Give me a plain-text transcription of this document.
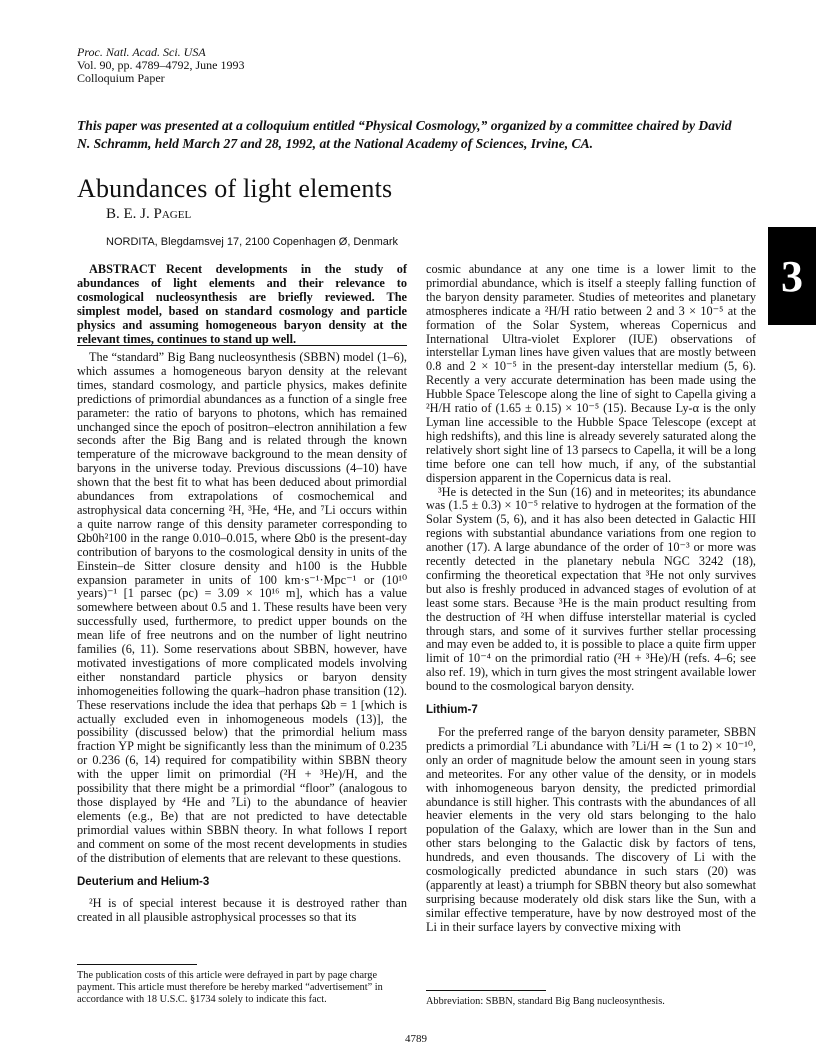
Proc. Natl. Acad. Sci. USA
Vol. 90, pp. 4789–4792, June 1993
Colloquium Paper
This paper was presented at a colloquium entitled “Physical Cosmology,” organized by a committee chaired by David N. Schramm, held March 27 and 28, 1992, at the National Academy of Sciences, Irvine, CA.
Abundances of light elements
B. E. J. Pagel
NORDITA, Blegdamsvej 17, 2100 Copenhagen Ø, Denmark
3

ABSTRACT Recent developments in the study of abundances of light elements and their relevance to cosmological nucleosynthesis are briefly reviewed. The simplest model, based on standard cosmology and particle physics and assuming homogeneous baryon density at the relevant times, continues to stand up well.

The “standard” Big Bang nucleosynthesis (SBBN) model (1–6), which assumes a homogeneous baryon density at the relevant times, standard cosmology, and particle physics, makes definite predictions of primordial abundances as a function of a single free parameter: the ratio of baryons to photons, which has remained unchanged since the epoch of positron–electron annihilation a few seconds after the Big Bang and is related through the known temperature of the microwave background to the mean density of baryons in the universe today. Previous discussions (4–10) have shown that the best fit to what has been deduced about primordial abundances from extrapolations of cosmochemical and astrophysical data concerning ²H, ³He, ⁴He, and ⁷Li occurs within a quite narrow range of this density parameter corresponding to Ωb0h²100 in the range 0.010–0.015, where Ωb0 is the present-day contribution of baryons to the cosmological density in units of the Einstein–de Sitter closure density and h100 is the Hubble expansion parameter in units of 100 km·s⁻¹·Mpc⁻¹ or (10¹⁰ years)⁻¹ [1 parsec (pc) = 3.09 × 10¹⁶ m], which has a value somewhere between about 0.5 and 1. These results have been very successfully used, furthermore, to predict upper bounds on the mean life of free neutrons and on the number of light neutrino families (6, 11). Some reservations about SBBN, however, have motivated investigations of more complicated models involving either nonstandard particle physics or baryon density inhomogeneities following the quark–hadron phase transition (12). These reservations include the idea that perhaps Ωb = 1 [which is actually excluded even in inhomogeneous models (13)], the possibility (discussed below) that the primordial helium mass fraction YP might be significantly less than the minimum of 0.235 or 0.236 (6, 14) required for compatibility within SBBN theory with the upper limit on primordial (²H + ³He)/H, and the possibility that there might be a primordial “floor” (analogous to those displayed by ⁴He and ⁷Li) to the abundance of heavier elements (e.g., Be) that are not predicted to have detectable primordial values within SBBN theory. In what follows I report and comment on some of the most recent developments in studies of the distribution of elements that are relevant to these questions.

Deuterium and Helium-3

²H is of special interest because it is destroyed rather than created in all plausible astrophysical processes so that its

cosmic abundance at any one time is a lower limit to the primordial abundance, which is itself a steeply falling function of the baryon density parameter. Studies of meteorites and planetary atmospheres indicate a ²H/H ratio between 2 and 3 × 10⁻⁵ at the formation of the Solar System, whereas Copernicus and International Ultra-violet Explorer (IUE) observations of interstellar Lyman lines have given values that are mostly between 0.8 and 2 × 10⁻⁵ in the present-day interstellar medium (5, 6). Recently a very accurate determination has been made using the Hubble Space Telescope along the line of sight to Capella giving a ²H/H ratio of (1.65 ± 0.15) × 10⁻⁵ (15). Because Ly-α is the only Lyman line accessible to the Hubble Space Telescope (except at high redshifts), and this line is already severely saturated along the relatively short sight line of 13 parsecs to Capella, it will be a long time before one can tell how much, if any, of the substantial dispersion apparent in the Copernicus data is real.

³He is detected in the Sun (16) and in meteorites; its abundance was (1.5 ± 0.3) × 10⁻⁵ relative to hydrogen at the formation of the Solar System (5, 6), and it has also been detected in Galactic HII regions with substantial abundance variations from one region to another (17). A large abundance of the order of 10⁻³ or more was recently detected in the planetary nebula NGC 3242 (18), confirming the theoretical expectation that ³He not only survives but also is freshly produced in advanced stages of evolution of at least some stars. Because ³He is the main product resulting from the destruction of ²H when diffuse interstellar material is cycled through stars, and some of it survives further stellar processing and may even be added to, it is possible to place a quite firm upper limit of 10⁻⁴ on the primordial ratio (²H + ³He)/H (refs. 4–6; see also ref. 19), which in turn gives the most stringent available lower bound to the cosmological baryon density.

Lithium-7

For the preferred range of the baryon density parameter, SBBN predicts a primordial ⁷Li abundance with ⁷Li/H ≃ (1 to 2) × 10⁻¹⁰, only an order of magnitude below the amount seen in young stars and meteorites. For any other value of the density, or in models with inhomogeneous baryon density, the predicted primordial abundance is still higher. This contrasts with the abundances of all heavier elements in the very old stars belonging to the halo population of the Galaxy, which are lower than in the Sun and other stars belonging to the Galactic disk by factors of tens, hundreds, and even thousands. The discovery of Li with the cosmologically predicted abundance in such stars (20) was (apparently at least) a triumph for SBBN theory but also somewhat surprising because moderately old disk stars like the Sun, with a similar effective temperature, have by now destroyed most of the Li in their surface layers by convective mixing with

The publication costs of this article were defrayed in part by page charge payment. This article must therefore be hereby marked “advertisement” in accordance with 18 U.S.C. §1734 solely to indicate this fact.	Abbreviation: SBBN, standard Big Bang nucleosynthesis.
4789
